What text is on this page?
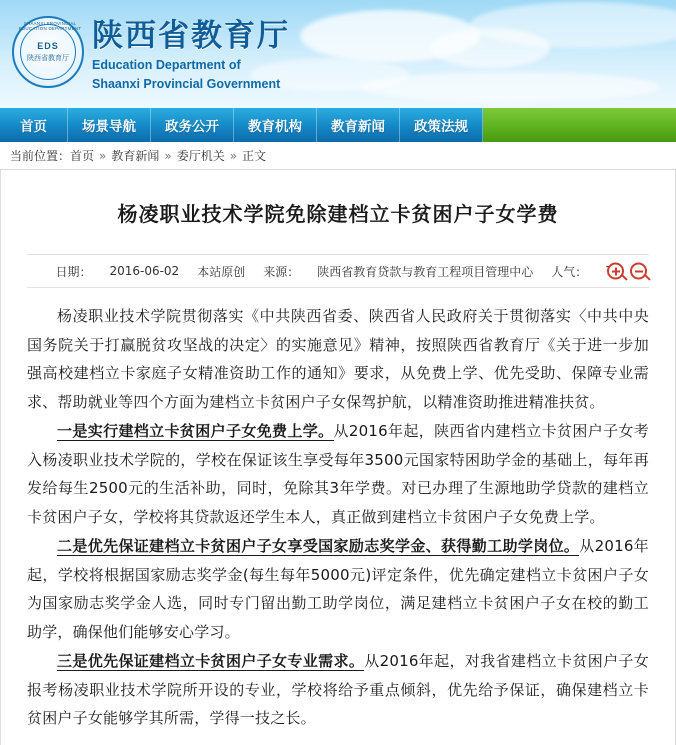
SHAANXI PROVINCIAL EDUCATION DEPARTMENT
EDS
陕西省教育厅
陕西省教育厅
Education Department of
Shaanxi Provincial Government
首页	场景导航	政务公开	教育机构	教育新闻	政策法规
当前位置： 首页 » 教育新闻 » 委厅机关 » 正文
杨凌职业技术学院免除建档立卡贫困户子女学费
日期： 2016-06-02 本站原创 来源： 陕西省教育贷款与教育工程项目管理中心 人气：

杨凌职业技术学院贯彻落实《中共陕西省委、陕西省人民政府关于贯彻落实〈中共中央国务院关于打赢脱贫攻坚战的决定〉的实施意见》精神，按照陕西省教育厅《关于进一步加强高校建档立卡家庭子女精准资助工作的通知》要求，从免费上学、优先受助、保障专业需求、帮助就业等四个方面为建档立卡贫困户子女保驾护航，以精准资助推进精准扶贫。

一是实行建档立卡贫困户子女免费上学。从2016年起，陕西省内建档立卡贫困户子女考入杨凌职业技术学院的，学校在保证该生享受每年3500元国家特困助学金的基础上，每年再发给每生2500元的生活补助，同时，免除其3年学费。对已办理了生源地助学贷款的建档立卡贫困户子女，学校将其贷款返还学生本人，真正做到建档立卡贫困户子女免费上学。

二是优先保证建档立卡贫困户子女享受国家励志奖学金、获得勤工助学岗位。从2016年起，学校将根据国家励志奖学金(每生每年5000元)评定条件，优先确定建档立卡贫困户子女为国家励志奖学金人选，同时专门留出勤工助学岗位，满足建档立卡贫困户子女在校的勤工助学，确保他们能够安心学习。

三是优先保证建档立卡贫困户子女专业需求。从2016年起，对我省建档立卡贫困户子女报考杨凌职业技术学院所开设的专业，学校将给予重点倾斜，优先给予保证，确保建档立卡贫困户子女能够学其所需，学得一技之长。
